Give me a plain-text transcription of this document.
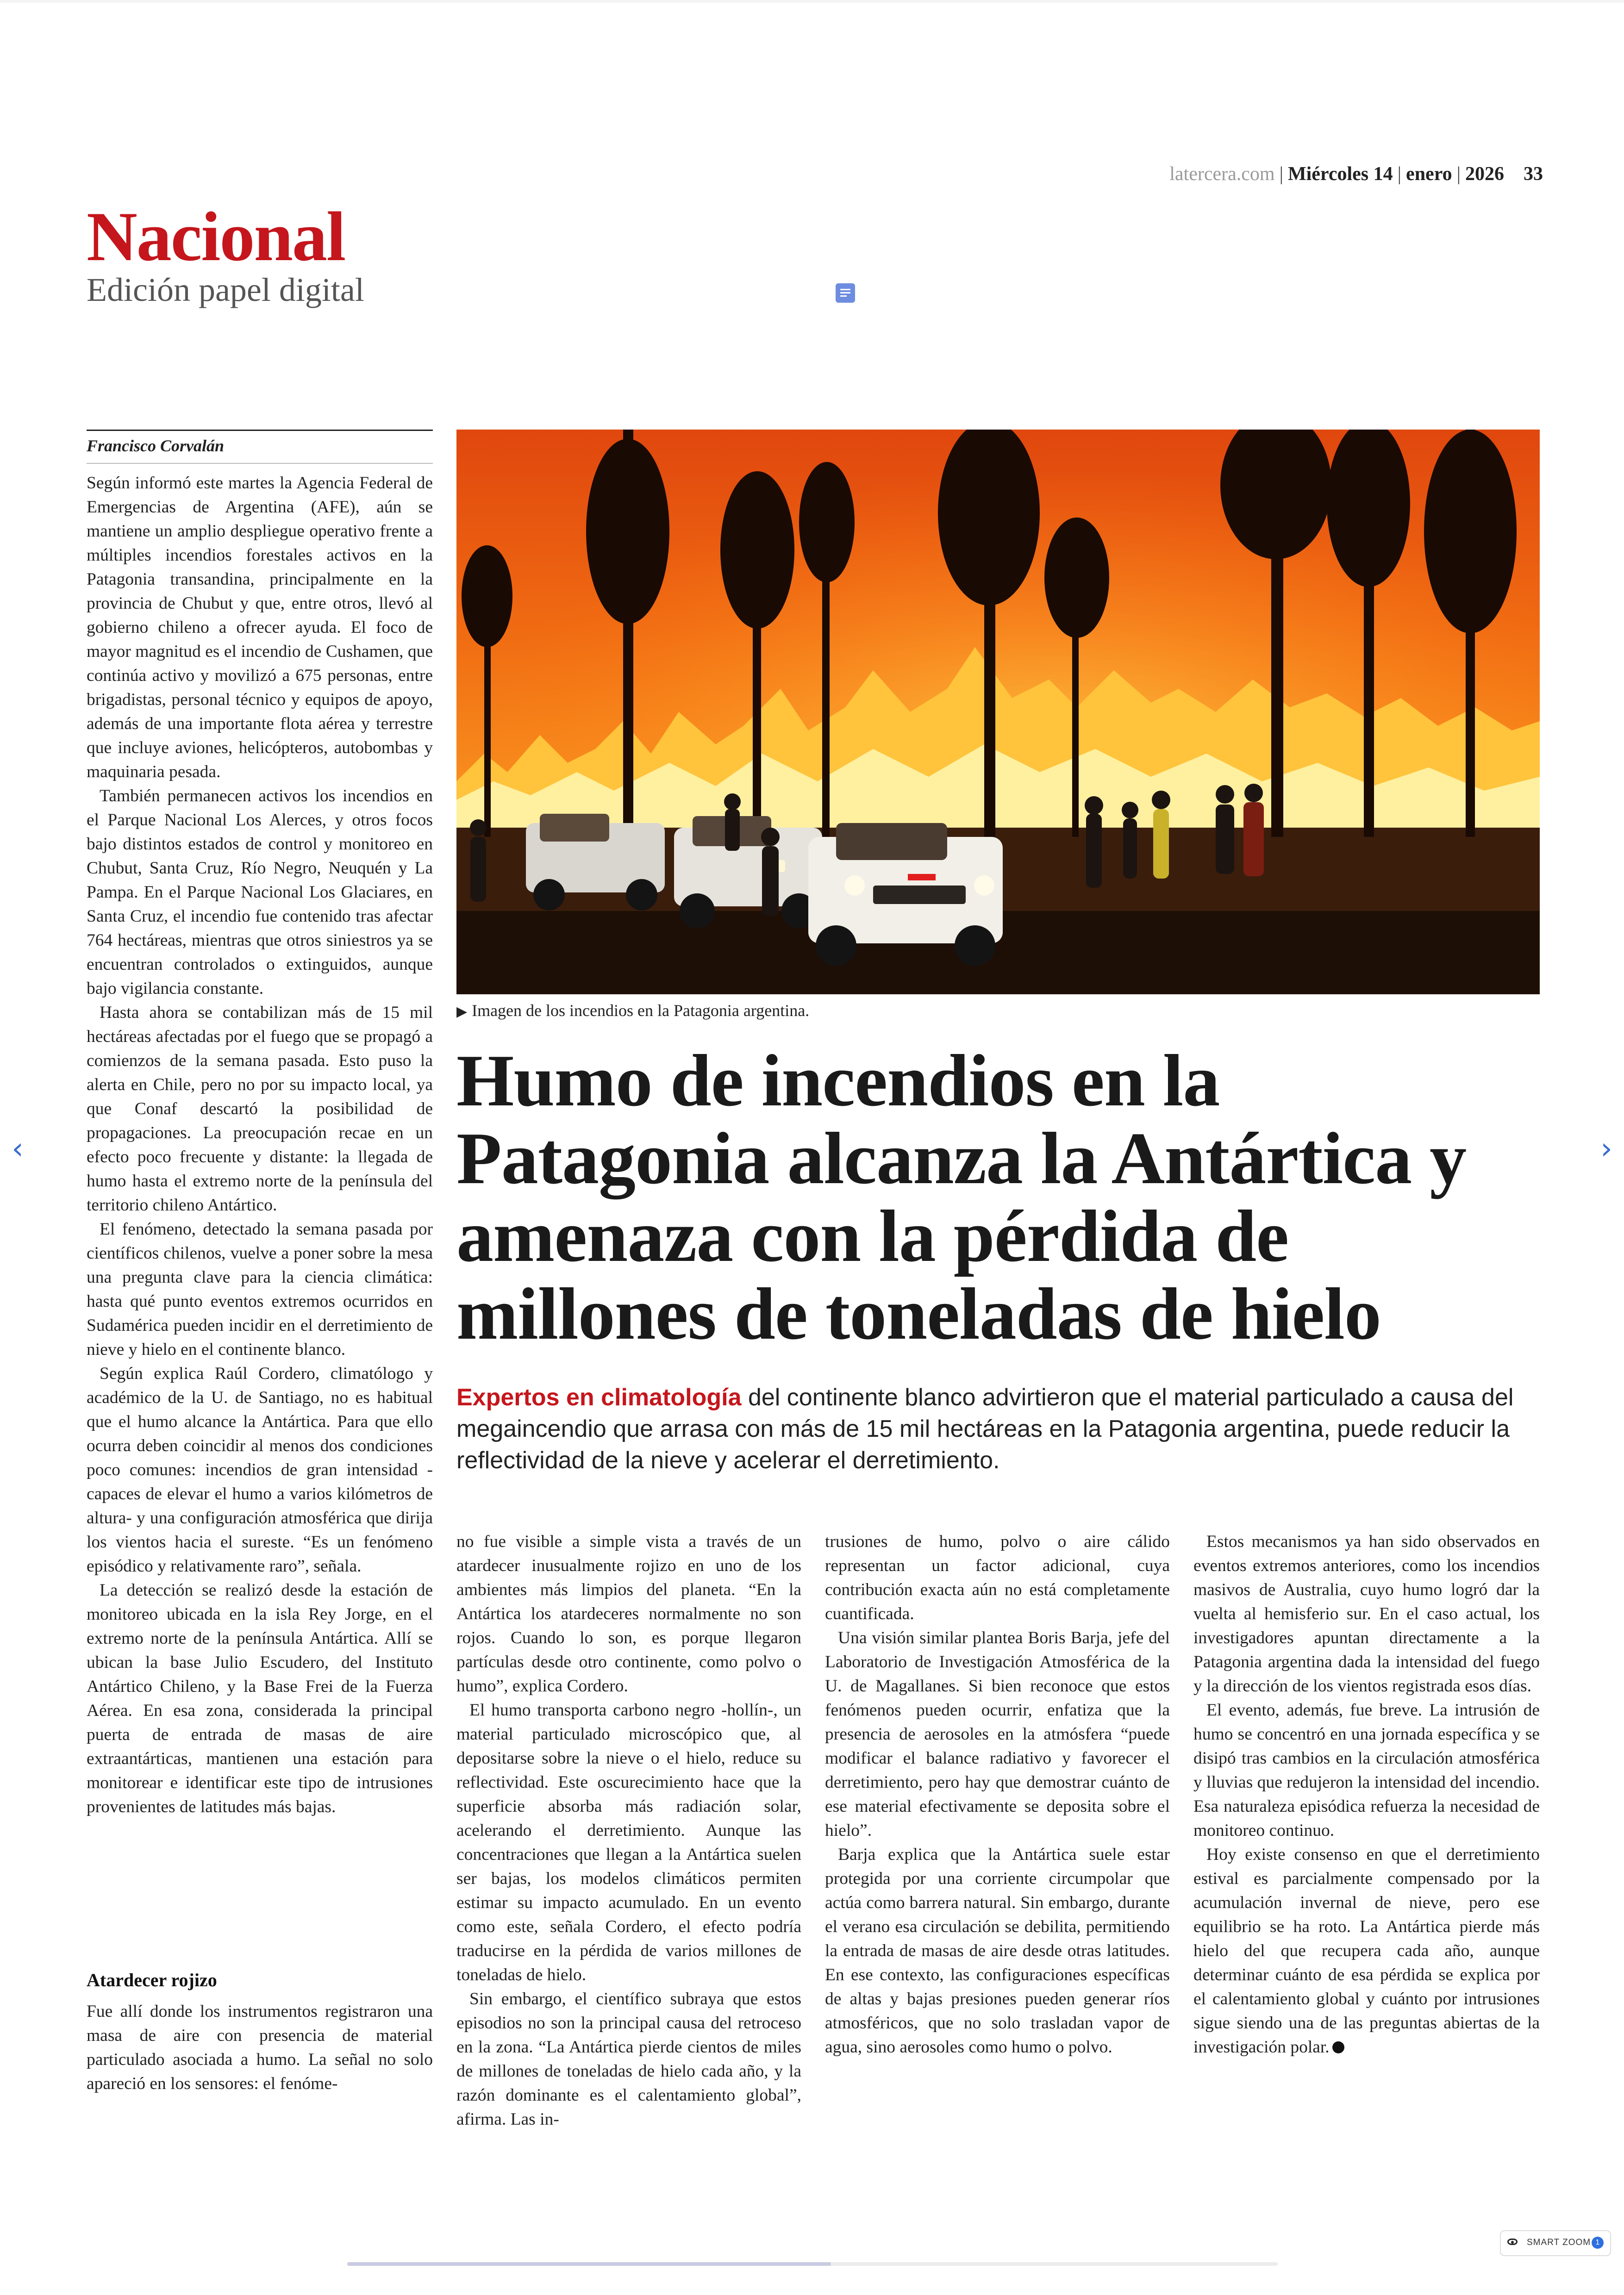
latercera.com | Miércoles 14 | enero | 2026 33
Nacional
Edición papel digital
Francisco Corvalán

Según informó este martes la Agencia Federal de Emergencias de Argentina (AFE), aún se mantiene un amplio despliegue operativo frente a múltiples incendios forestales activos en la Patagonia transandina, principalmente en la provincia de Chubut y que, entre otros, llevó al gobierno chileno a ofrecer ayuda. El foco de mayor magnitud es el incendio de Cushamen, que continúa activo y movilizó a 675 personas, entre brigadistas, personal técnico y equipos de apoyo, además de una importante flota aérea y terrestre que incluye aviones, helicópteros, autobombas y maquinaria pesada.

También permanecen activos los incendios en el Parque Nacional Los Alerces, y otros focos bajo distintos estados de control y monitoreo en Chubut, Santa Cruz, Río Negro, Neuquén y La Pampa. En el Parque Nacional Los Glaciares, en Santa Cruz, el incendio fue contenido tras afectar 764 hectáreas, mientras que otros siniestros ya se encuentran controlados o extinguidos, aunque bajo vigilancia constante.

Hasta ahora se contabilizan más de 15 mil hectáreas afectadas por el fuego que se propagó a comienzos de la semana pasada. Esto puso la alerta en Chile, pero no por su impacto local, ya que Conaf descartó la posibilidad de propagaciones. La preocupación recae en un efecto poco frecuente y distante: la llegada de humo hasta el extremo norte de la península del territorio chileno Antártico.

El fenómeno, detectado la semana pasada por científicos chilenos, vuelve a poner sobre la mesa una pregunta clave para la ciencia climática: hasta qué punto eventos extremos ocurridos en Sudamérica pueden incidir en el derretimiento de nieve y hielo en el continente blanco.

Según explica Raúl Cordero, climatólogo y académico de la U. de Santiago, no es habitual que el humo alcance la Antártica. Para que ello ocurra deben coincidir al menos dos condiciones poco comunes: incendios de gran intensidad -capaces de elevar el humo a varios kilómetros de altura- y una configuración atmosférica que dirija los vientos hacia el sureste. “Es un fenómeno episódico y relativamente raro”, señala.

La detección se realizó desde la estación de monitoreo ubicada en la isla Rey Jorge, en el extremo norte de la península Antártica. Allí se ubican la base Julio Escudero, del Instituto Antártico Chileno, y la Base Frei de la Fuerza Aérea. En esa zona, considerada la principal puerta de entrada de masas de aire extraantárticas, mantienen una estación para monitorear e identificar este tipo de intrusiones provenientes de latitudes más bajas.

Atardecer rojizo

Fue allí donde los instrumentos registraron una masa de aire con presencia de material particulado asociada a humo. La señal no solo apareció en los sensores: el fenóme-

▶ Imagen de los incendios en la Patagonia argentina.
Humo de incendios en la Patagonia alcanza la Antártica y amenaza con la pérdida de millones de toneladas de hielo
Expertos en climatología del continente blanco advirtieron que el material particulado a causa del megaincendio que arrasa con más de 15 mil hectáreas en la Patagonia argentina, puede reducir la reflectividad de la nieve y acelerar el derretimiento.

no fue visible a simple vista a través de un atardecer inusualmente rojizo en uno de los ambientes más limpios del planeta. “En la Antártica los atardeceres normalmente no son rojos. Cuando lo son, es porque llegaron partículas desde otro continente, como polvo o humo”, explica Cordero.

El humo transporta carbono negro -hollín-, un material particulado microscópico que, al depositarse sobre la nieve o el hielo, reduce su reflectividad. Este oscurecimiento hace que la superficie absorba más radiación solar, acelerando el derretimiento. Aunque las concentraciones que llegan a la Antártica suelen ser bajas, los modelos climáticos permiten estimar su impacto acumulado. En un evento como este, señala Cordero, el efecto podría traducirse en la pérdida de varios millones de toneladas de hielo.

Sin embargo, el científico subraya que estos episodios no son la principal causa del retroceso en la zona. “La Antártica pierde cientos de miles de millones de toneladas de hielo cada año, y la razón dominante es el calentamiento global”, afirma. Las in-

trusiones de humo, polvo o aire cálido representan un factor adicional, cuya contribución exacta aún no está completamente cuantificada.

Una visión similar plantea Boris Barja, jefe del Laboratorio de Investigación Atmosférica de la U. de Magallanes. Si bien reconoce que estos fenómenos pueden ocurrir, enfatiza que la presencia de aerosoles en la atmósfera “puede modificar el balance radiativo y favorecer el derretimiento, pero hay que demostrar cuánto de ese material efectivamente se deposita sobre el hielo”.

Barja explica que la Antártica suele estar protegida por una corriente circumpolar que actúa como barrera natural. Sin embargo, durante el verano esa circulación se debilita, permitiendo la entrada de masas de aire desde otras latitudes. En ese contexto, las configuraciones específicas de altas y bajas presiones pueden generar ríos atmosféricos, que no solo trasladan vapor de agua, sino aerosoles como humo o polvo.

Estos mecanismos ya han sido observados en eventos extremos anteriores, como los incendios masivos de Australia, cuyo humo logró dar la vuelta al hemisferio sur. En el caso actual, los investigadores apuntan directamente a la Patagonia argentina dada la intensidad del fuego y la dirección de los vientos registrada esos días.

El evento, además, fue breve. La intrusión de humo se concentró en una jornada específica y se disipó tras cambios en la circulación atmosférica y lluvias que redujeron la intensidad del incendio. Esa naturaleza episódica refuerza la necesidad de monitoreo continuo.

Hoy existe consenso en que el derretimiento estival es parcialmente compensado por la acumulación invernal de nieve, pero ese equilibrio se ha roto. La Antártica pierde más hielo del que recupera cada año, aunque determinar cuánto de esa pérdida se explica por el calentamiento global y cuánto por intrusiones sigue siendo una de las preguntas abiertas de la investigación polar.

‹	›
SMART ZOOM 1
